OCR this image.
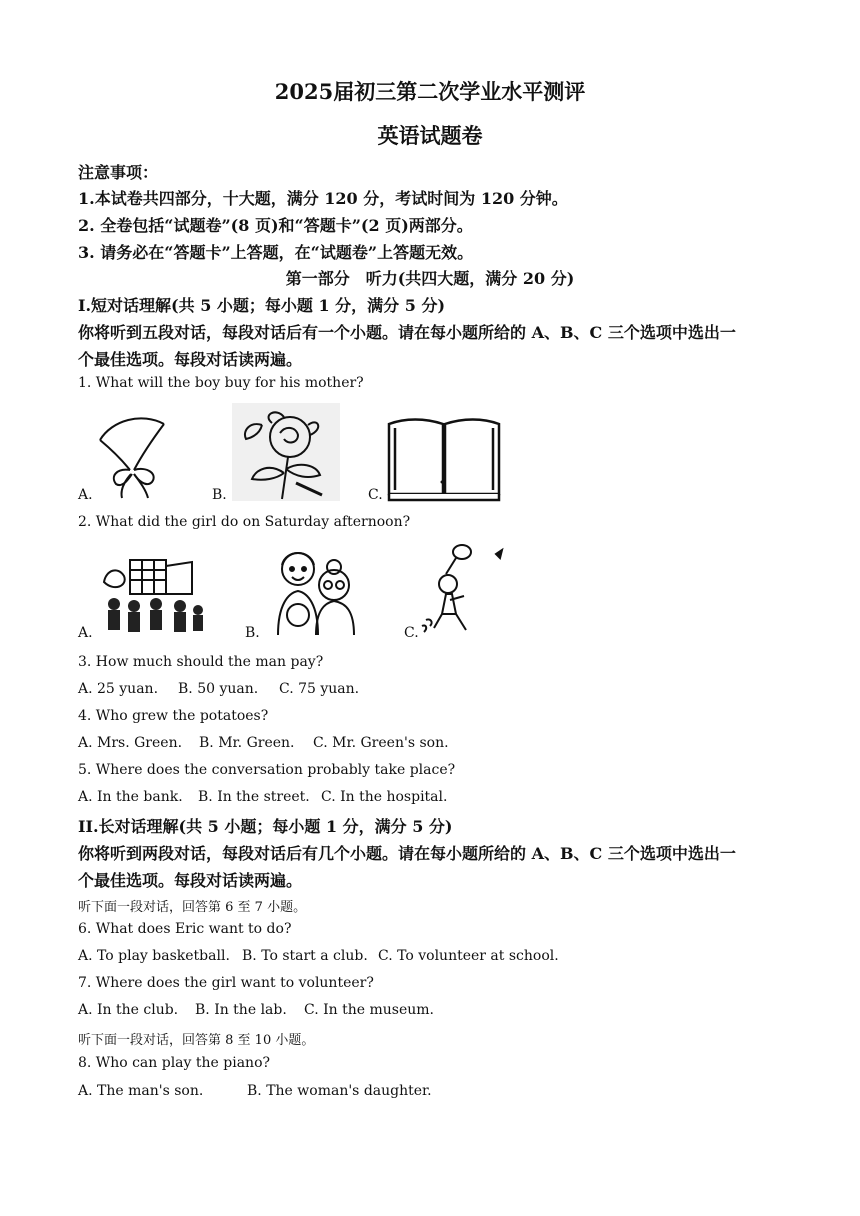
2025届初三第二次学业水平测评
英语试题卷
注意事项：
1.本试卷共四部分，十大题，满分 120 分，考试时间为 120 分钟。
2. 全卷包括“试题卷”(8 页)和“答题卡”(2 页)两部分。
3. 请务必在“答题卡”上答题，在“试题卷”上答题无效。
第一部分　听力(共四大题，满分 20 分)
I.短对话理解(共 5 小题；每小题 1 分，满分 5 分)
你将听到五段对话，每段对话后有一个小题。请在每小题所给的 A、B、C 三个选项中选出一
个最佳选项。每段对话读两遍。
1. What will the boy buy for his mother?
A.	B.	C.
2. What did the girl do on Saturday afternoon?
A.	B.	C.
3. How much should the man pay?
A. 25 yuan. B. 50 yuan. C. 75 yuan.
4. Who grew the potatoes?
A. Mrs. Green. B. Mr. Green. C. Mr. Green's son.
5. Where does the conversation probably take place?
A. In the bank. B. In the street. C. In the hospital.
II.长对话理解(共 5 小题；每小题 1 分，满分 5 分)
你将听到两段对话，每段对话后有几个小题。请在每小题所给的 A、B、C 三个选项中选出一
个最佳选项。每段对话读两遍。
听下面一段对话，回答第 6 至 7 小题。
6. What does Eric want to do?
A. To play basketball. B. To start a club. C. To volunteer at school.
7. Where does the girl want to volunteer?
A. In the club. B. In the lab. C. In the museum.
听下面一段对话，回答第 8 至 10 小题。
8. Who can play the piano?
A. The man's son.	B. The woman's daughter.
